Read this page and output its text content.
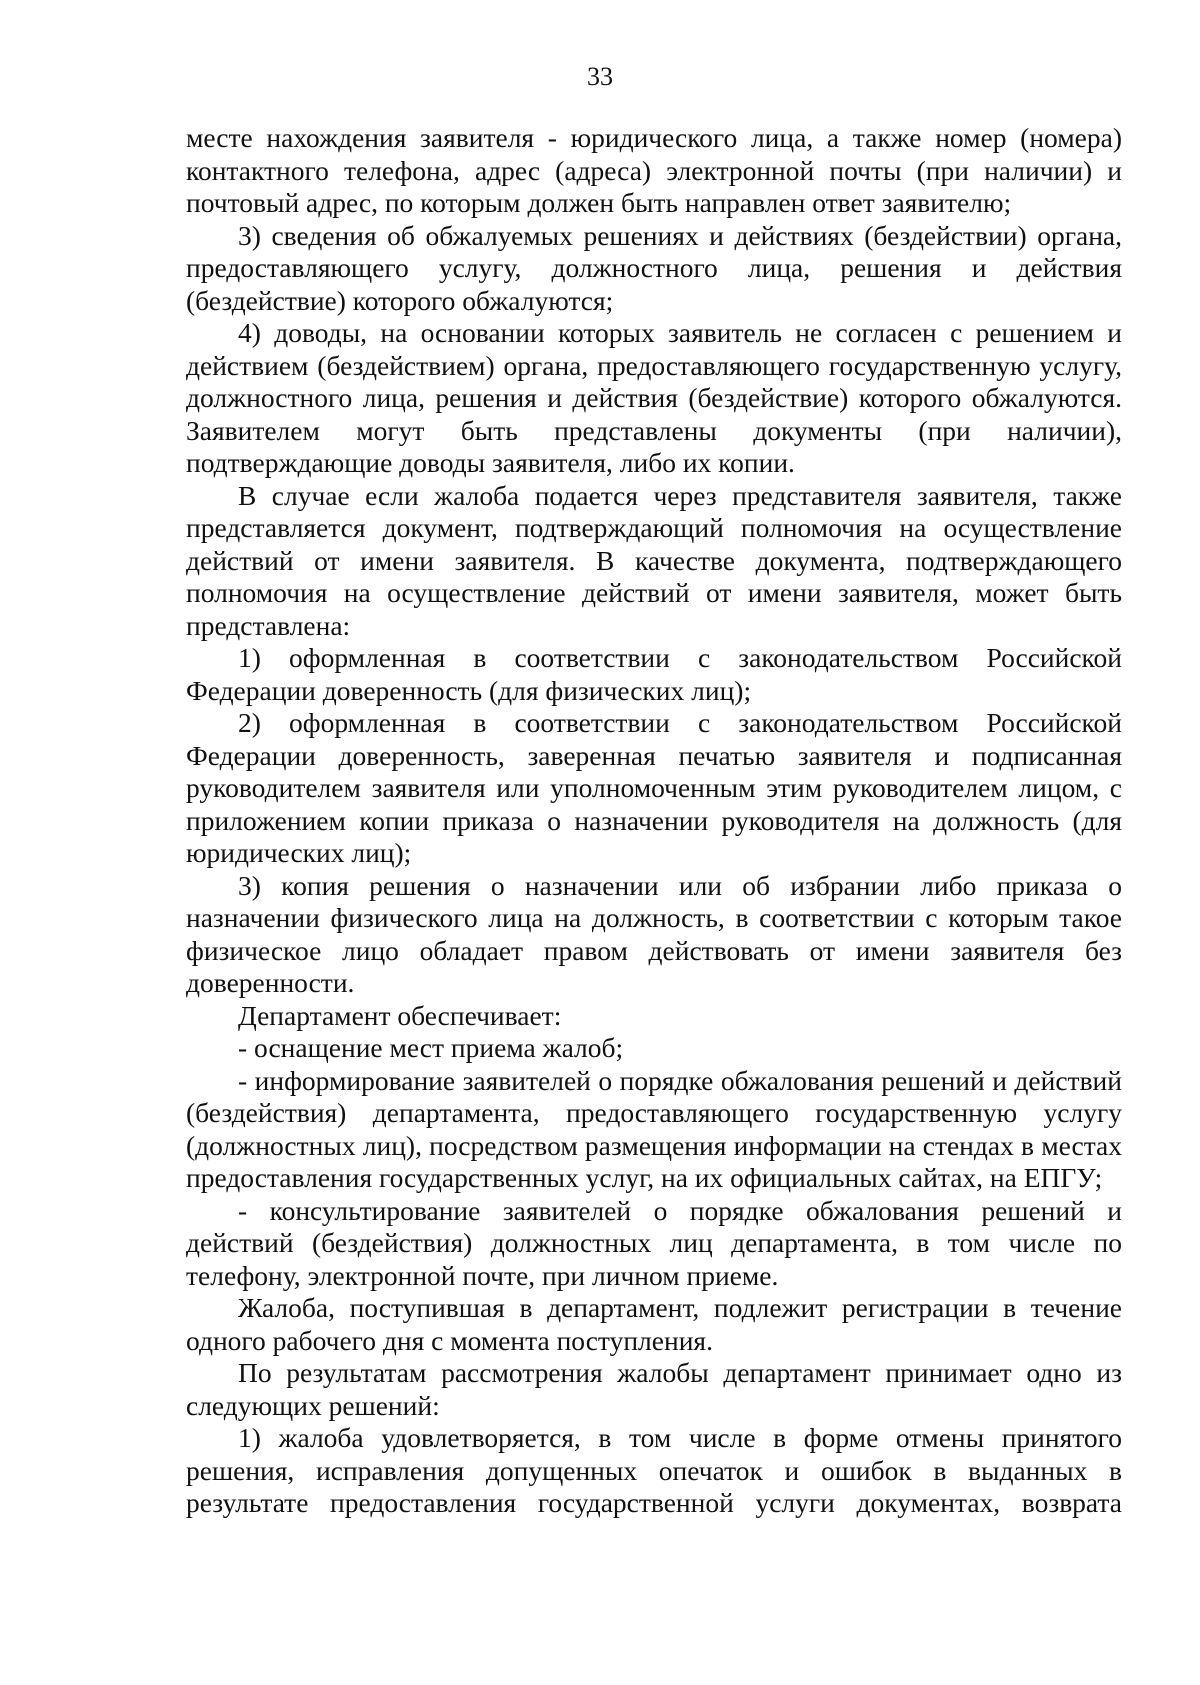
33

месте нахождения заявителя - юридического лица, а также номер (номера) контактного телефона, адрес (адреса) электронной почты (при наличии) и почтовый адрес, по которым должен быть направлен ответ заявителю;

3) сведения об обжалуемых решениях и действиях (бездействии) органа, предоставляющего услугу, должностного лица, решения и действия (бездействие) которого обжалуются;

4) доводы, на основании которых заявитель не согласен с решением и действием (бездействием) органа, предоставляющего государственную услугу, должностного лица, решения и действия (бездействие) которого обжалуются. Заявителем могут быть представлены документы (при наличии), подтверждающие доводы заявителя, либо их копии.

В случае если жалоба подается через представителя заявителя, также представляется документ, подтверждающий полномочия на осуществление действий от имени заявителя. В качестве документа, подтверждающего полномочия на осуществление действий от имени заявителя, может быть представлена:

1) оформленная в соответствии с законодательством Российской Федерации доверенность (для физических лиц);

2) оформленная в соответствии с законодательством Российской Федерации доверенность, заверенная печатью заявителя и подписанная руководителем заявителя или уполномоченным этим руководителем лицом, с приложением копии приказа о назначении руководителя на должность (для юридических лиц);

3) копия решения о назначении или об избрании либо приказа о назначении физического лица на должность, в соответствии с которым такое физическое лицо обладает правом действовать от имени заявителя без доверенности.

Департамент обеспечивает:

- оснащение мест приема жалоб;

- информирование заявителей о порядке обжалования решений и действий (бездействия) департамента, предоставляющего государственную услугу (должностных лиц), посредством размещения информации на стендах в местах предоставления государственных услуг, на их официальных сайтах, на ЕПГУ;

- консультирование заявителей о порядке обжалования решений и действий (бездействия) должностных лиц департамента, в том числе по телефону, электронной почте, при личном приеме.

Жалоба, поступившая в департамент, подлежит регистрации в течение одного рабочего дня с момента поступления.

По результатам рассмотрения жалобы департамент принимает одно из следующих решений:

1) жалоба удовлетворяется, в том числе в форме отмены принятого решения, исправления допущенных опечаток и ошибок в выданных в результате предоставления государственной услуги документах, возврата
